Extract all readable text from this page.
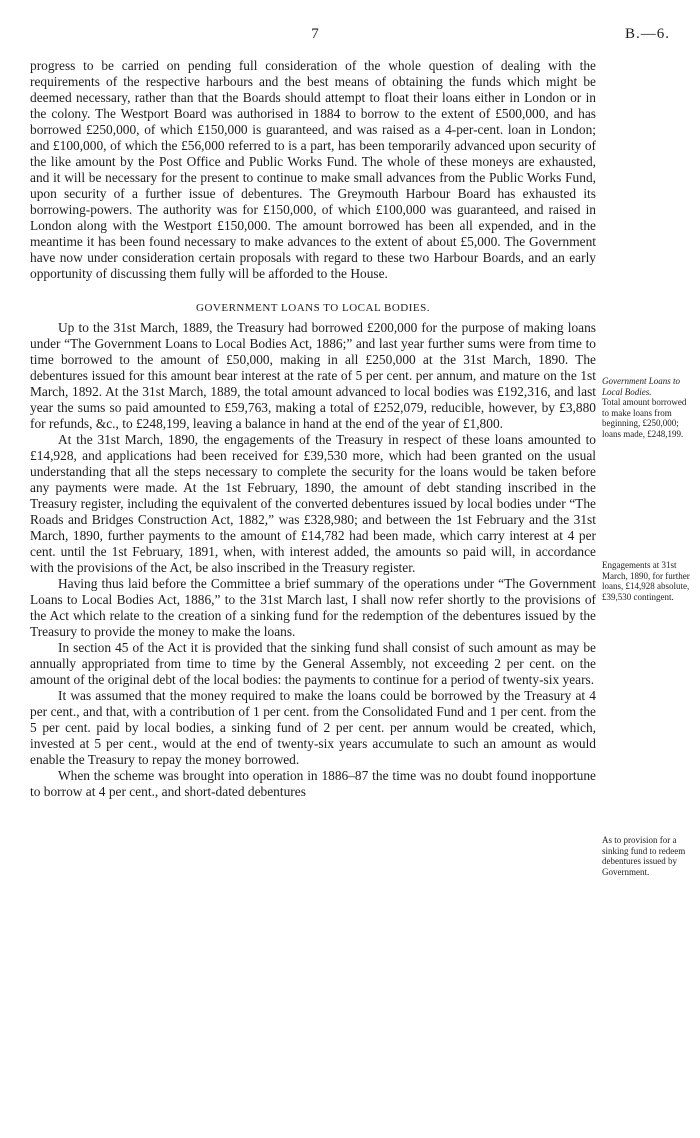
7	B.—6.

progress to be carried on pending full consideration of the whole question of dealing with the requirements of the respective harbours and the best means of obtaining the funds which might be deemed necessary, rather than that the Boards should attempt to float their loans either in London or in the colony. The Westport Board was authorised in 1884 to borrow to the extent of £500,000, and has borrowed £250,000, of which £150,000 is guaranteed, and was raised as a 4-per-cent. loan in London; and £100,000, of which the £56,000 referred to is a part, has been temporarily advanced upon security of the like amount by the Post Office and Public Works Fund. The whole of these moneys are exhausted, and it will be necessary for the present to continue to make small advances from the Public Works Fund, upon security of a further issue of debentures. The Greymouth Harbour Board has exhausted its borrowing-powers. The authority was for £150,000, of which £100,000 was guaranteed, and raised in London along with the Westport £150,000. The amount borrowed has been all expended, and in the meantime it has been found necessary to make advances to the extent of about £5,000. The Government have now under consideration certain proposals with regard to these two Harbour Boards, and an early opportunity of discussing them fully will be afforded to the House.

GOVERNMENT LOANS TO LOCAL BODIES.

Up to the 31st March, 1889, the Treasury had borrowed £200,000 for the purpose of making loans under “The Government Loans to Local Bodies Act, 1886;” and last year further sums were from time to time borrowed to the amount of £50,000, making in all £250,000 at the 31st March, 1890. The debentures issued for this amount bear interest at the rate of 5 per cent. per annum, and mature on the 1st March, 1892. At the 31st March, 1889, the total amount advanced to local bodies was £192,316, and last year the sums so paid amounted to £59,763, making a total of £252,079, reducible, however, by £3,880 for refunds, &c., to £248,199, leaving a balance in hand at the end of the year of £1,800.

At the 31st March, 1890, the engagements of the Treasury in respect of these loans amounted to £14,928, and applications had been received for £39,530 more, which had been granted on the usual understanding that all the steps necessary to complete the security for the loans would be taken before any payments were made. At the 1st February, 1890, the amount of debt standing inscribed in the Treasury register, including the equivalent of the converted debentures issued by local bodies under “The Roads and Bridges Construction Act, 1882,” was £328,980; and between the 1st February and the 31st March, 1890, further payments to the amount of £14,782 had been made, which carry interest at 4 per cent. until the 1st February, 1891, when, with interest added, the amounts so paid will, in accordance with the provisions of the Act, be also inscribed in the Treasury register.

Having thus laid before the Committee a brief summary of the operations under “The Government Loans to Local Bodies Act, 1886,” to the 31st March last, I shall now refer shortly to the provisions of the Act which relate to the creation of a sinking fund for the redemption of the debentures issued by the Treasury to provide the money to make the loans.

In section 45 of the Act it is provided that the sinking fund shall consist of such amount as may be annually appropriated from time to time by the General Assembly, not exceeding 2 per cent. on the amount of the original debt of the local bodies: the payments to continue for a period of twenty-six years.

It was assumed that the money required to make the loans could be borrowed by the Treasury at 4 per cent., and that, with a contribution of 1 per cent. from the Consolidated Fund and 1 per cent. from the 5 per cent. paid by local bodies, a sinking fund of 2 per cent. per annum would be created, which, invested at 5 per cent., would at the end of twenty-six years accumulate to such an amount as would enable the Treasury to repay the money borrowed.

When the scheme was brought into operation in 1886–87 the time was no doubt found inopportune to borrow at 4 per cent., and short-dated debentures

Government Loans to Local Bodies.
Total amount borrowed to make loans from beginning, £250,000; loans made, £248,199.
Engagements at 31st March, 1890, for further loans, £14,928 absolute, £39,530 contingent.
As to provision for a sinking fund to redeem debentures issued by Government.
